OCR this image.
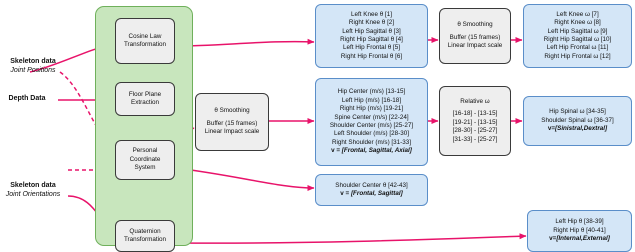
Skeleton data
Joint Positions
Depth Data
Skeleton data
Joint Orientations
Cosine Law
Transformation
Floor Plane
Extraction
Personal
Coordinate
System
Quaternion
Transformation
θ Smoothing
Buffer (15 frames)
Linear Impact scale
Left Knee θ [1]
Right Knee θ [2]
Left Hip Sagittal θ [3]
Right Hip Sagittal θ [4]
Left Hip Frontal θ [5]
Right Hip Frontal θ [6]
θ Smoothing
Buffer (15 frames)
Linear Impact scale
Left Knee ω [7]
Right Knee ω [8]
Left Hip Sagittal ω [9]
Right Hip Sagittal ω [10]
Left Hip Frontal ω [11]
Right Hip Frontal ω [12]
Hip Center (m/s) [13-15]
Left Hip (m/s) [16-18]
Right Hip (m/s) [19-21]
Spine Center (m/s) [22-24]
Shoulder Center (m/s) [25-27]
Left Shoulder (m/s) [28-30]
Right Shoulder (m/s) [31-33]
v = [Frontal, Sagittal, Axial]
Relative ω
[16-18] - [13-15]
[19-21] - [13-15]
[28-30] - [25-27]
[31-33] - [25-27]
Hip Spinal ω [34-35]
Shoulder Spinal ω [36-37]
v=[Sinistral,Dextral]
Shoulder Center θ [42-43]
v = [Frontal, Sagittal]
Left Hip θ [38-39]
Right Hip θ [40-41]
v=[Internal,External]
